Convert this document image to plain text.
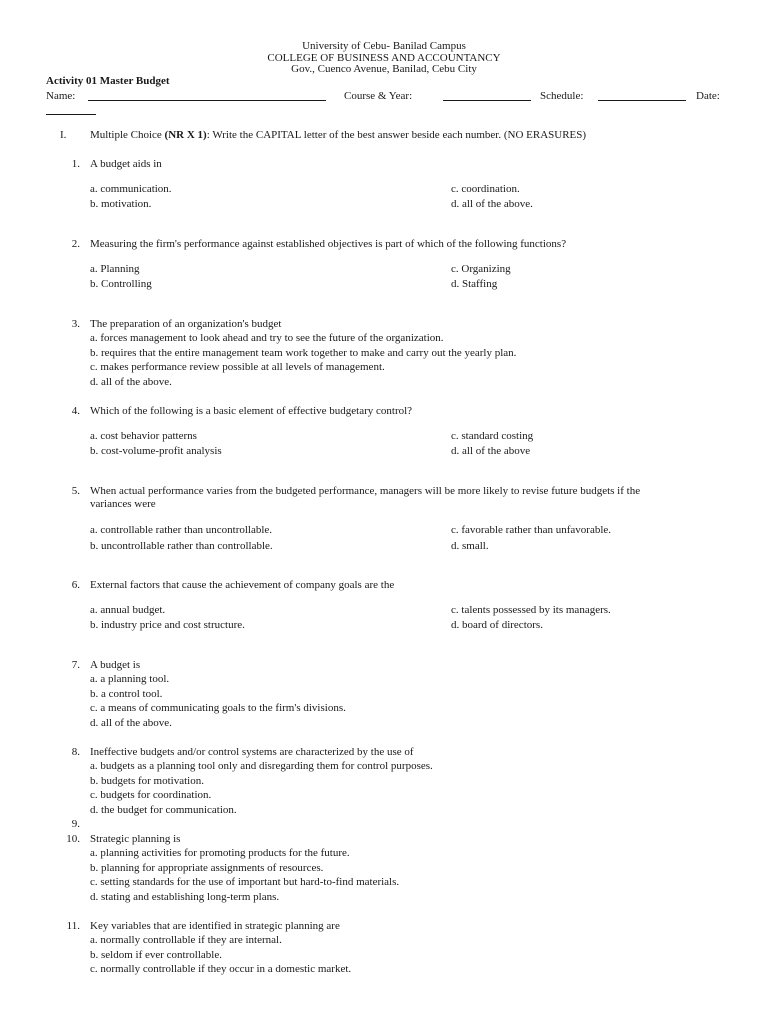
University of Cebu- Banilad Campus
COLLEGE OF BUSINESS AND ACCOUNTANCY
Gov., Cuenco Avenue, Banilad, Cebu City
Activity 01 Master Budget
Name:	Course & Year:	Schedule:	Date:
I. Multiple Choice (NR X 1): Write the CAPITAL letter of the best answer beside each number. (NO ERASURES)
1. A budget aids in
a. communication.
b. motivation.
c. coordination.
d. all of the above.
2. Measuring the firm's performance against established objectives is part of which of the following functions?
a. Planning
b. Controlling
c. Organizing
d. Staffing
3. The preparation of an organization's budget
a. forces management to look ahead and try to see the future of the organization.
b. requires that the entire management team work together to make and carry out the yearly plan.
c. makes performance review possible at all levels of management.
d. all of the above.
4. Which of the following is a basic element of effective budgetary control?
a. cost behavior patterns
b. cost-volume-profit analysis
c. standard costing
d. all of the above
5. When actual performance varies from the budgeted performance, managers will be more likely to revise future budgets if the
variances were
a. controllable rather than uncontrollable.
b. uncontrollable rather than controllable.
c. favorable rather than unfavorable.
d. small.
6. External factors that cause the achievement of company goals are the
a. annual budget.
b. industry price and cost structure.
c. talents possessed by its managers.
d. board of directors.
7. A budget is
a. a planning tool.
b. a control tool.
c. a means of communicating goals to the firm's divisions.
d. all of the above.
8. Ineffective budgets and/or control systems are characterized by the use of
a. budgets as a planning tool only and disregarding them for control purposes.
b. budgets for motivation.
c. budgets for coordination.
d. the budget for communication.
9.
10. Strategic planning is
a. planning activities for promoting products for the future.
b. planning for appropriate assignments of resources.
c. setting standards for the use of important but hard-to-find materials.
d. stating and establishing long-term plans.
11. Key variables that are identified in strategic planning are
a. normally controllable if they are internal.
b. seldom if ever controllable.
c. normally controllable if they occur in a domestic market.
